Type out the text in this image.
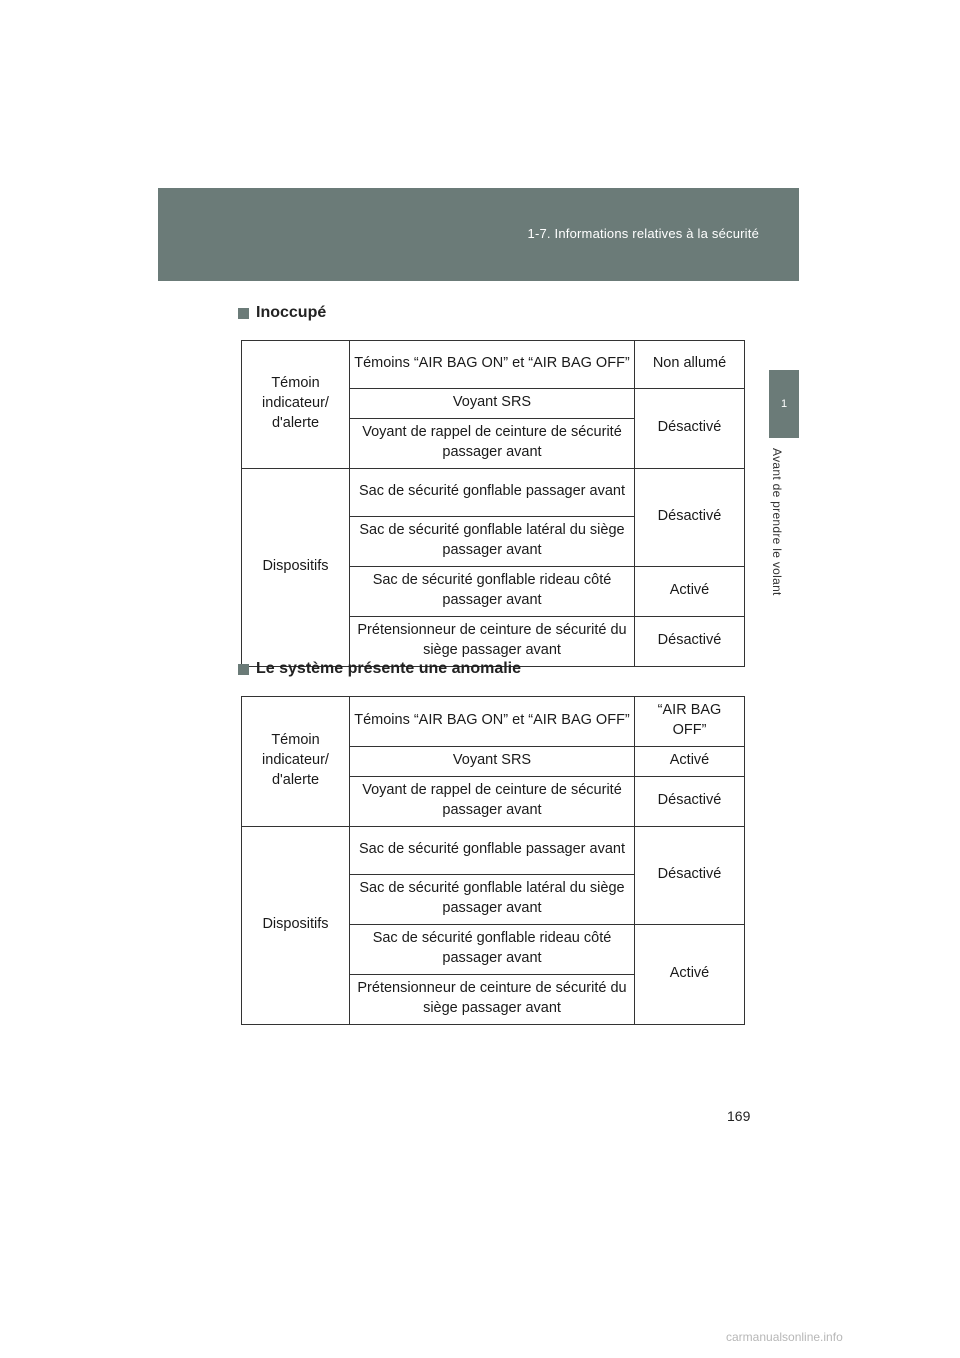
1-7. Informations relatives à la sécurité
1
Avant de prendre le volant
Inoccupé
Témoin indicateur/ d'alerte	Témoins “AIR BAG ON” et “AIR BAG OFF”	Non allumé
	Voyant SRS	Désactivé
	Voyant de rappel de ceinture de sécurité passager avant	
Dispositifs	Sac de sécurité gonflable passager avant	Désactivé
	Sac de sécurité gonflable latéral du siège passager avant	
	Sac de sécurité gonflable rideau côté passager avant	Activé
	Prétensionneur de ceinture de sécurité du siège passager avant	Désactivé
Le système présente une anomalie
Témoin indicateur/ d'alerte	Témoins “AIR BAG ON” et “AIR BAG OFF”	“AIR BAG OFF”
	Voyant SRS	Activé
	Voyant de rappel de ceinture de sécurité passager avant	Désactivé
Dispositifs	Sac de sécurité gonflable passager avant	Désactivé
	Sac de sécurité gonflable latéral du siège passager avant	
	Sac de sécurité gonflable rideau côté passager avant	Activé
	Prétensionneur de ceinture de sécurité du siège passager avant	
169
carmanualsonline.info
